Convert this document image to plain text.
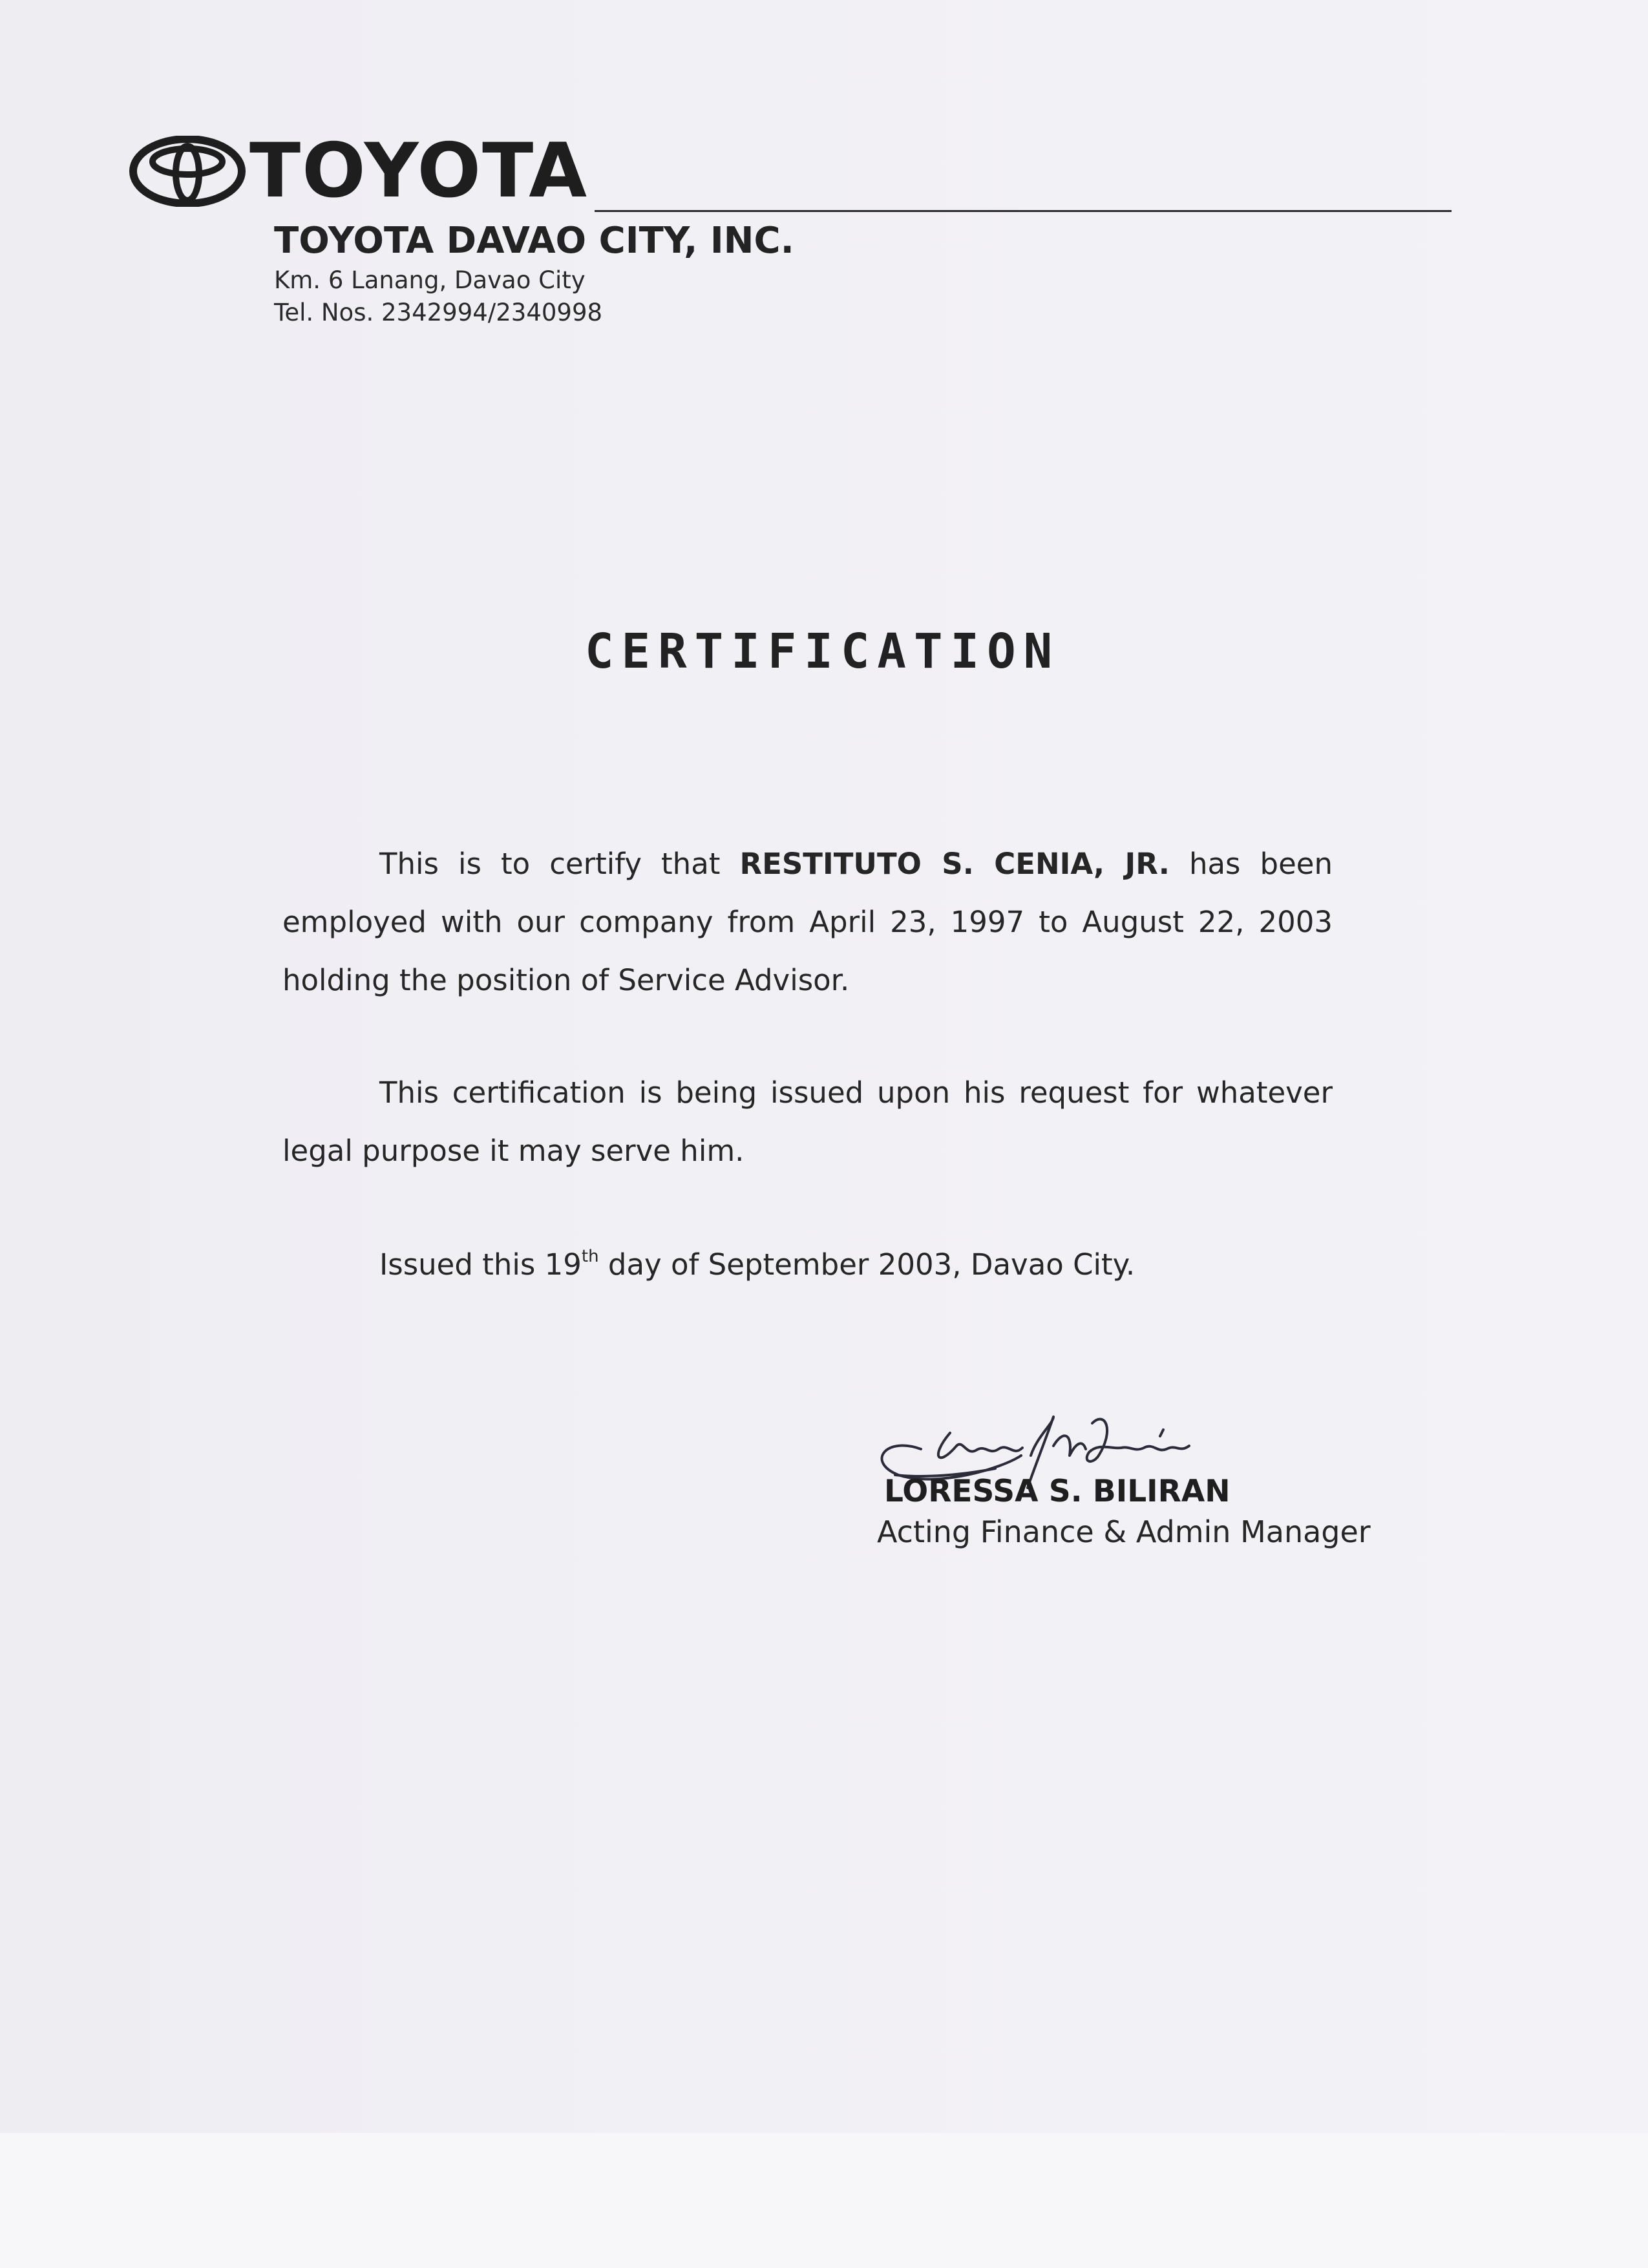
TOYOTA
TOYOTA DAVAO CITY, INC.
Km. 6 Lanang, Davao City
Tel. Nos. 2342994/2340998
CERTIFICATION
This is to certify that RESTITUTO S. CENIA, JR. has been
employed with our company from April 23, 1997 to August 22, 2003
holding the position of Service Advisor.
This certification is being issued upon his request for whatever
legal purpose it may serve him.
Issued this 19th day of September 2003, Davao City.
LORESSA S. BILIRAN
Acting Finance & Admin Manager
